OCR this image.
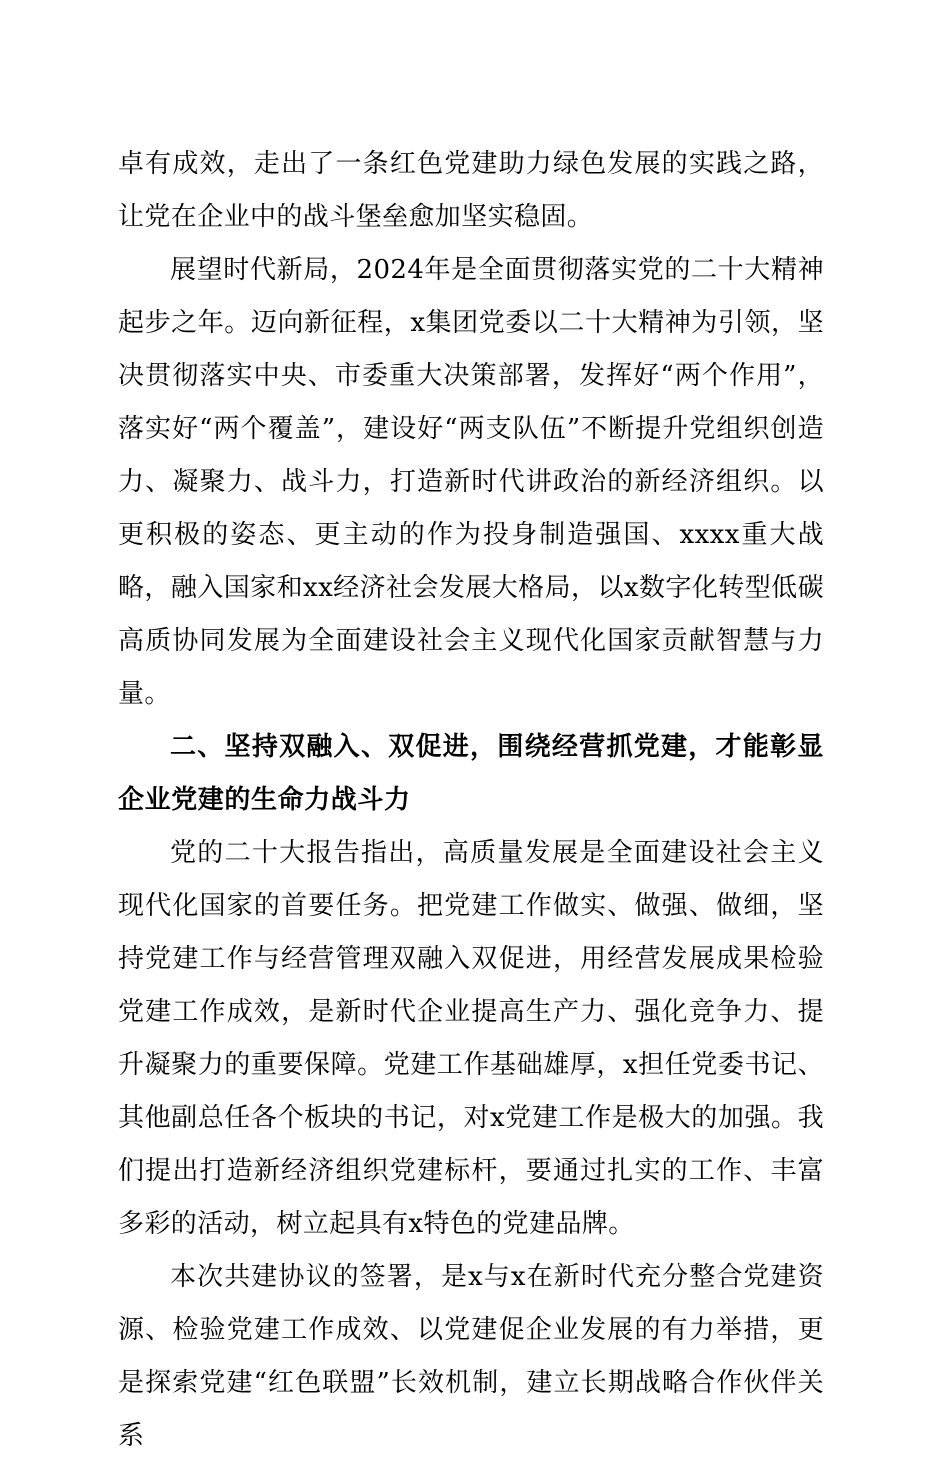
卓有成效，走出了一条红色党建助力绿色发展的实践之路，让党在企业中的战斗堡垒愈加坚实稳固。

展望时代新局，2024年是全面贯彻落实党的二十大精神起步之年。迈向新征程，x集团党委以二十大精神为引领，坚决贯彻落实中央、市委重大决策部署，发挥好“两个作用”，落实好“两个覆盖”，建设好“两支队伍”不断提升党组织创造力、凝聚力、战斗力，打造新时代讲政治的新经济组织。以更积极的姿态、更主动的作为投身制造强国、xxxx重大战略，融入国家和xx经济社会发展大格局，以x数字化转型低碳高质协同发展为全面建设社会主义现代化国家贡献智慧与力量。

二、坚持双融入、双促进，围绕经营抓党建，才能彰显企业党建的生命力战斗力

党的二十大报告指出，高质量发展是全面建设社会主义现代化国家的首要任务。把党建工作做实、做强、做细，坚持党建工作与经营管理双融入双促进，用经营发展成果检验党建工作成效，是新时代企业提高生产力、强化竞争力、提升凝聚力的重要保障。党建工作基础雄厚，x担任党委书记、其他副总任各个板块的书记，对x党建工作是极大的加强。我们提出打造新经济组织党建标杆，要通过扎实的工作、丰富多彩的活动，树立起具有x特色的党建品牌。

本次共建协议的签署，是x与x在新时代充分整合党建资源、检验党建工作成效、以党建促企业发展的有力举措，更是探索党建“红色联盟”长效机制，建立长期战略合作伙伴关系
